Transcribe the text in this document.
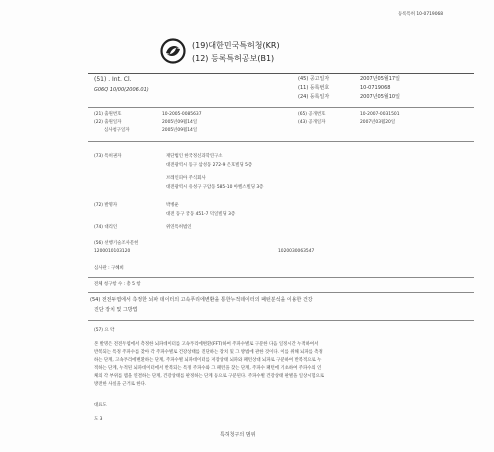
등록특허 10-0719068
(19)대한민국특허청(KR)
(12) 등록특허공보(B1)
(51) . Int. Cl.
G06Q 10/00(2006.01)
(45) 공고일자	2007년05월17일
(11) 등록번호	10-0719068
(24) 등록일자	2007년05월10일
(21) 출원번호	10-2005-0085637
(22) 출원일자	2005년09월14일
심사청구일자	2005년09월14일
(65) 공개번호	10-2007-0031501
(43) 공개일자	2007년03월20일
(73) 특허권자	재단법인 한국정신과학연구소
대전광역시 동구 삼성동 272-9 은호빌딩 5층
브레인피아 주식회사
대전광역시 유성구 구암동 585-10 아벨스빌딩 3층
(72) 발명자	박병운
대전 동구 궁동 451-7 덕일빌딩 3층
(74) 대리인	위연특허법인
(56) 선행기술조사문헌
1200010103120	1020030063547
심사관 : 구혜희
전체 청구항 수 : 총 5 항
(54) 전전두엽에서 측정한 뇌파 데이터의 고속푸리에변환을 통한누적데이터의 패턴분석을 이용한 건강
진단 장치 및 그방법
(57) 요 약
본 발명은 전전두엽에서 측정한 뇌파데이터를 고속푸리에변환(FFT)하여 주파수별로 구분한 다음 일정시간 누적하여서
반복되는 특정 주파수를 찾아 각 주파수별로 건강상태를 진단하는 장치 및 그 방법에 관한 것이다. 이를 위해 뇌파를 측정
하는 단계, 고속푸리에변환하는 단계, 주파수별 뇌파데이터를 저장상태 뇌파와 패턴상대 뇌파로 구분하여 반복적으로 누
적하는 단계, 누적된 뇌파데이터에서 반복되는 특정 주파수와 그 패턴을 찾는 단계, 주파수 패턴에 기초하여 주파수의 인
체의 각 부위를 맵을 연결하는 단계, 건강상태를 판정하는 단계 등으로 구분된다. 주파수별 건강상태 판별을 일상시험으로
방전한 사실을 근거로 한다.
대표도
도 3
특허청구의 범위
